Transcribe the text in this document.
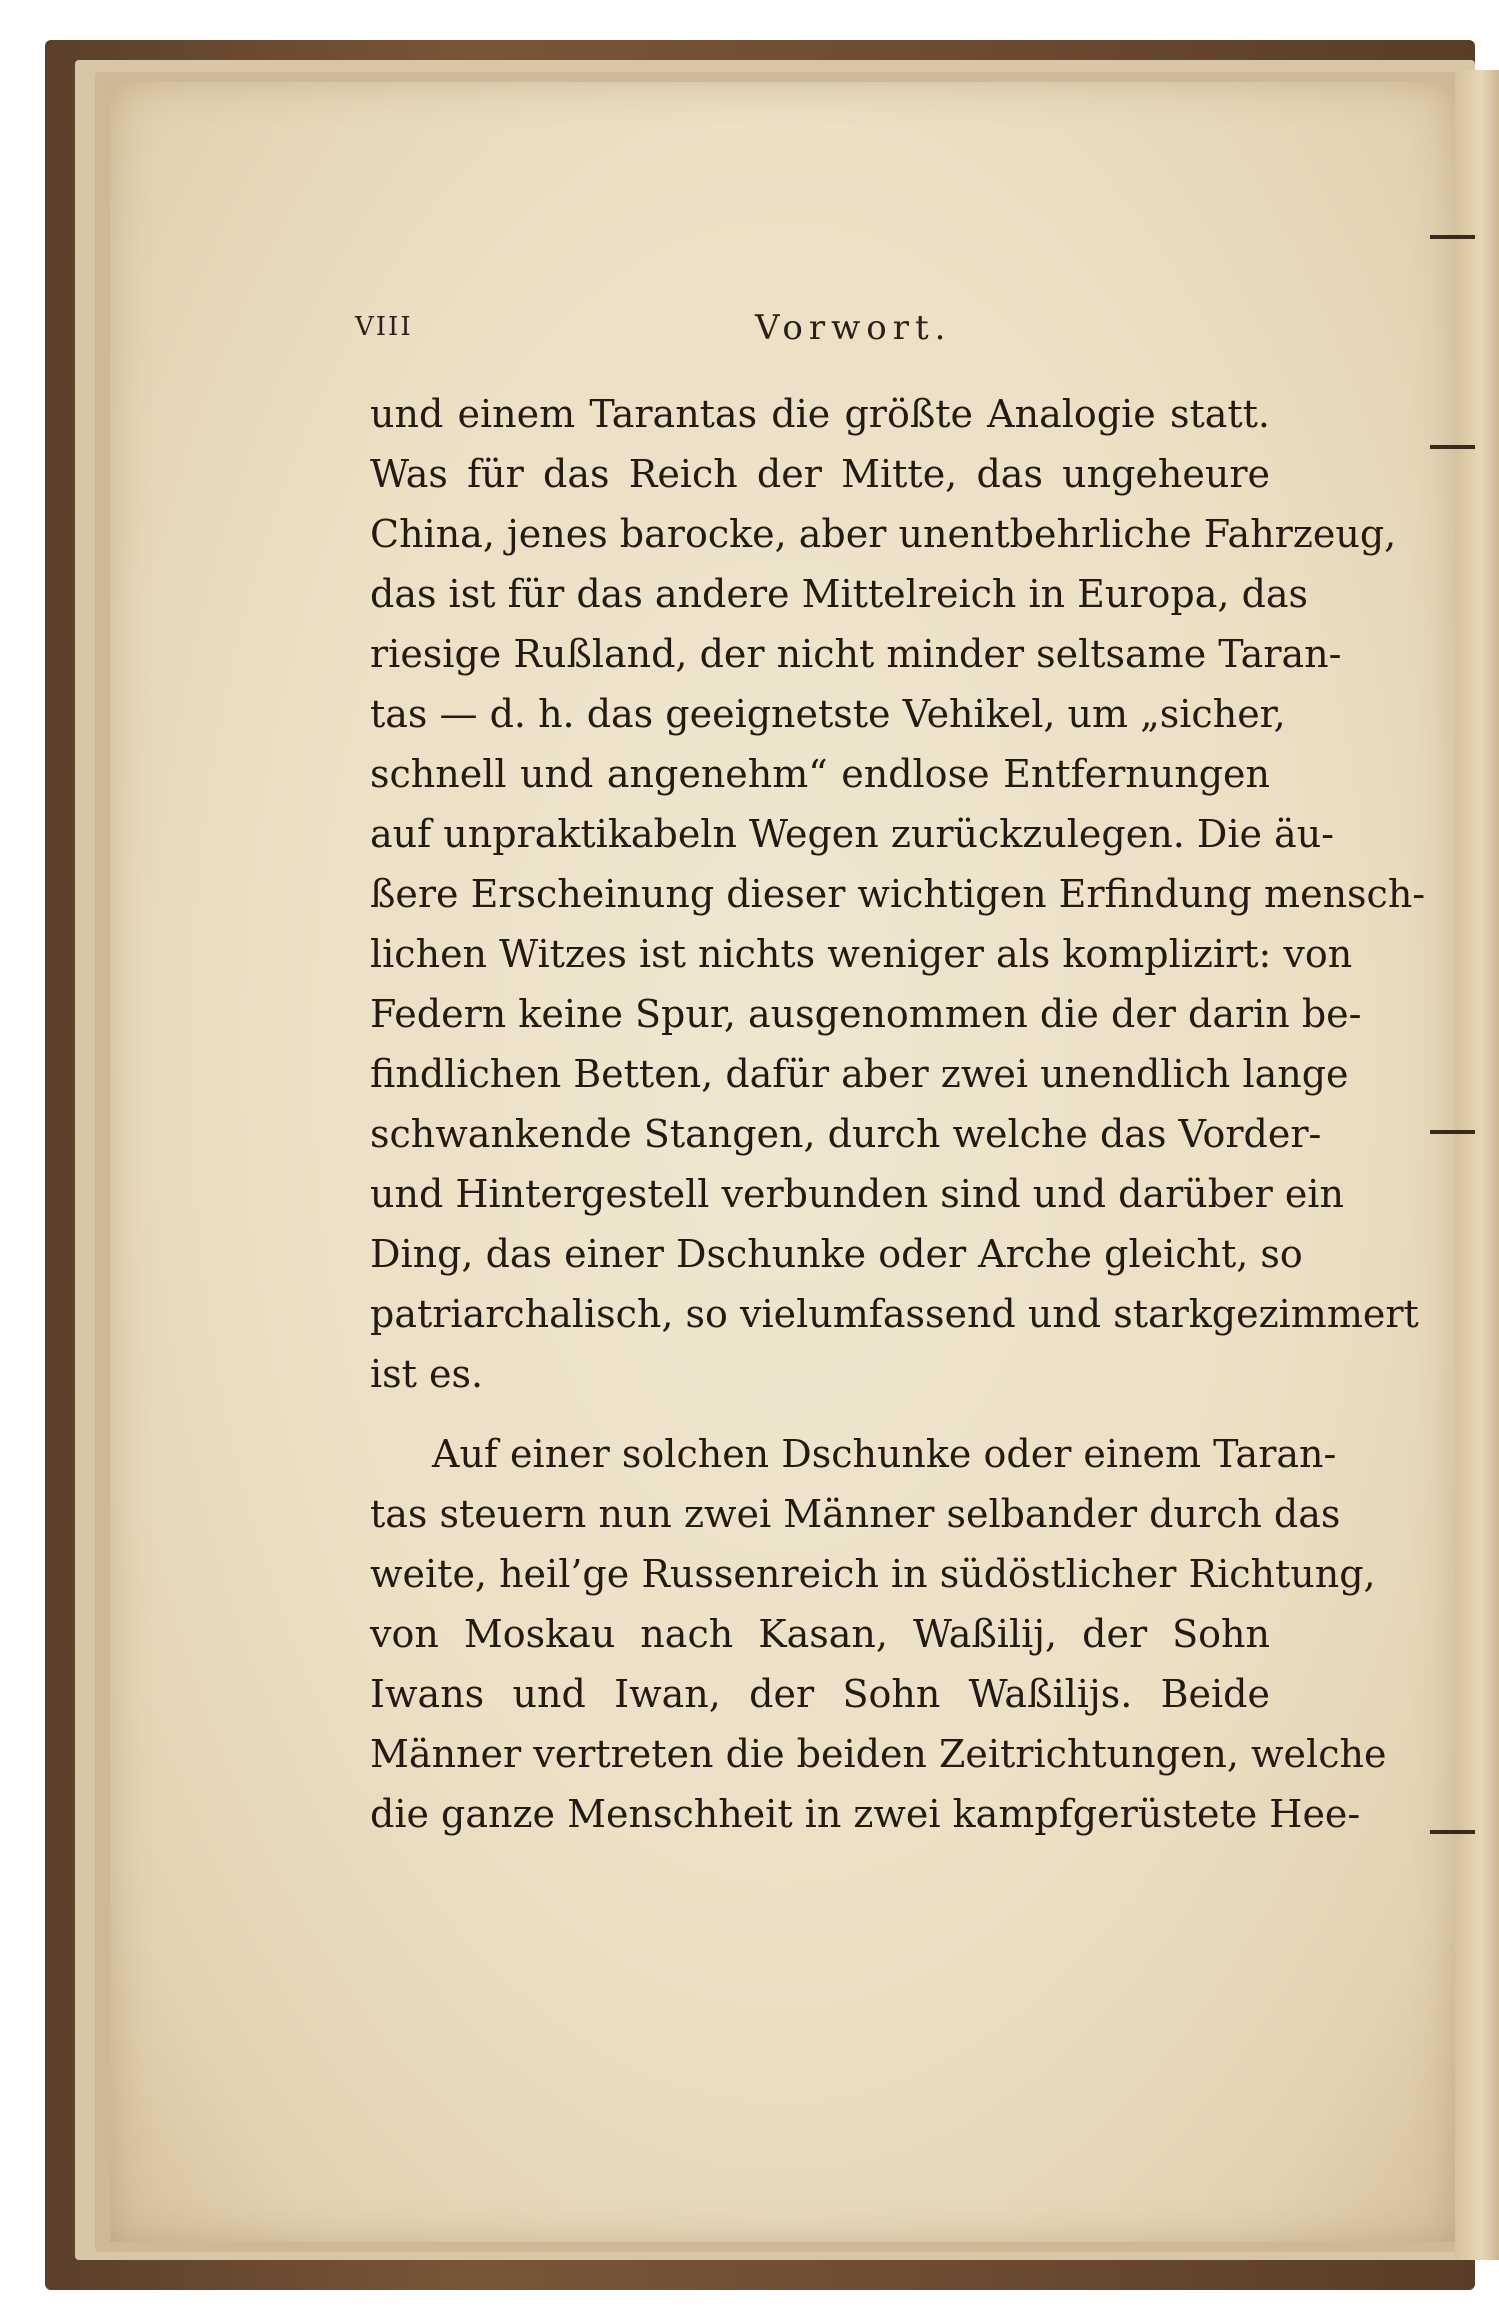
VIII	Vorwort.
und einem Tarantas die größte Analogie statt.
Was für das Reich der Mitte, das ungeheure
China, jenes barocke, aber unentbehrliche Fahrzeug,
das ist für das andere Mittelreich in Europa, das
riesige Rußland, der nicht minder seltsame Taran-
tas — d. h. das geeignetste Vehikel, um „sicher,
schnell und angenehm“ endlose Entfernungen
auf unpraktikabeln Wegen zurückzulegen. Die äu-
ßere Erscheinung dieser wichtigen Erfindung mensch-
lichen Witzes ist nichts weniger als komplizirt: von
Federn keine Spur, ausgenommen die der darin be-
findlichen Betten, dafür aber zwei unendlich lange
schwankende Stangen, durch welche das Vorder-
und Hintergestell verbunden sind und darüber ein
Ding, das einer Dschunke oder Arche gleicht, so
patriarchalisch, so vielumfassend und starkgezimmert
ist es.
Auf einer solchen Dschunke oder einem Taran-
tas steuern nun zwei Männer selbander durch das
weite, heil’ge Russenreich in südöstlicher Richtung,
von Moskau nach Kasan, Waßilij, der Sohn
Iwans und Iwan, der Sohn Waßilijs. Beide
Männer vertreten die beiden Zeitrichtungen, welche
die ganze Menschheit in zwei kampfgerüstete Hee-
